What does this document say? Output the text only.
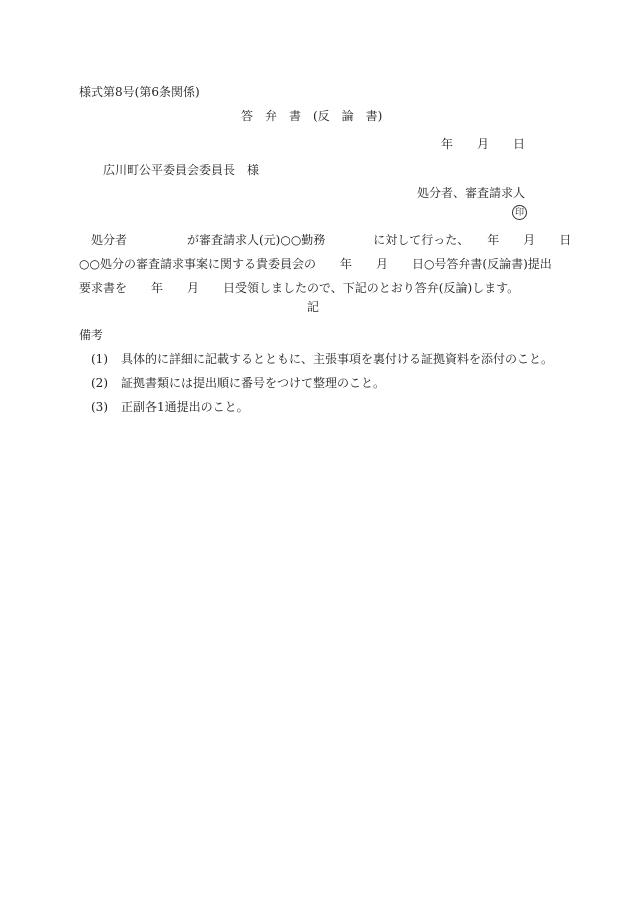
様式第8号(第6条関係)
答　弁　書　(反　論　書)
年　　月　　日
広川町公平委員会委員長　様
処分者、審査請求人
印
処分者　　　　　が審査請求人(元)○○勤務　　　　に対して行った、　　年　　月　　日
○○処分の審査請求事案に関する貴委員会の　　年　　月　　日○号答弁書(反論書)提出
要求書を　　年　　月　　日受領しましたので、下記のとおり答弁(反論)します。
記
備考
(1)	具体的に詳細に記載するとともに、主張事項を裏付ける証拠資料を添付のこと。
(2)	証拠書類には提出順に番号をつけて整理のこと。
(3)	正副各1通提出のこと。
